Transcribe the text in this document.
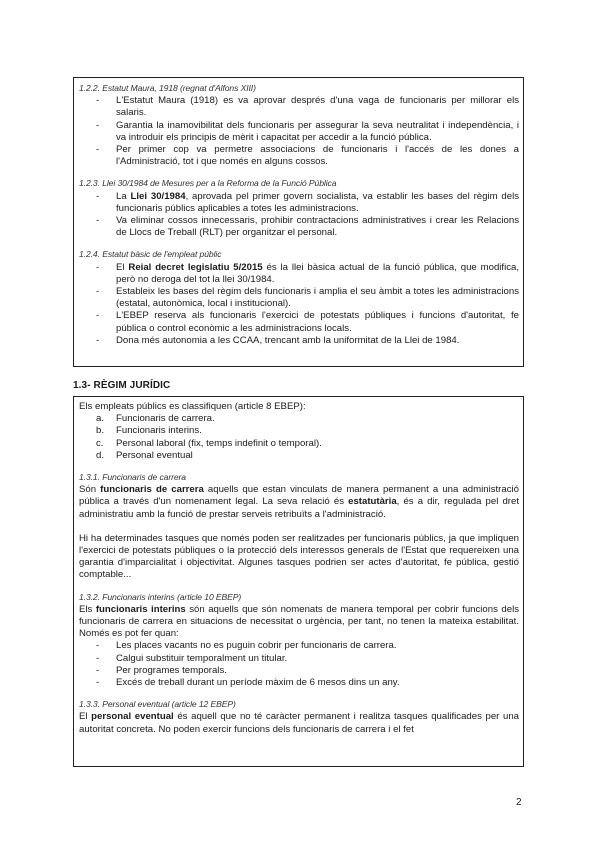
1.2.2. Estatut Maura, 1918 (regnat d'Alfons XIII)
- L'Estatut Maura (1918) es va aprovar després d'una vaga de funcionaris per millorar els salaris.
- Garantia la inamovibilitat dels funcionaris per assegurar la seva neutralitat i independència, i va introduir els principis de mèrit i capacitat per accedir a la funció pública.
- Per primer cop va permetre associacions de funcionaris i l'accés de les dones a l'Administració, tot i que només en alguns cossos.
1.2.3. Llei 30/1984 de Mesures per a la Reforma de la Funció Pública
- La Llei 30/1984, aprovada pel primer govern socialista, va establir les bases del règim dels funcionaris públics aplicables a totes les administracions.
- Va eliminar cossos innecessaris, prohibir contractacions administratives i crear les Relacions de Llocs de Treball (RLT) per organitzar el personal.
1.2.4. Estatut bàsic de l'empleat públic
- El Reial decret legislatiu 5/2015 és la llei bàsica actual de la funció pública, que modifica, però no deroga del tot la llei 30/1984.
- Estableix les bases del règim dels funcionaris i amplia el seu àmbit a totes les administracions (estatal, autonòmica, local i institucional).
- L'EBEP reserva als funcionaris l'exercici de potestats públiques i funcions d'autoritat, fe pública o control econòmic a les administracions locals.
- Dona més autonomia a les CCAA, trencant amb la uniformitat de la Llei de 1984.
1.3- RÈGIM JURÍDIC

Els empleats públics es classifiquen (article 8 EBEP):

a. Funcionaris de carrera.
b. Funcionaris interins.
c. Personal laboral (fix, temps indefinit o temporal).
d. Personal eventual
1.3.1. Funcionaris de carrera

Són funcionaris de carrera aquells que estan vinculats de manera permanent a una administració pública a través d'un nomenament legal. La seva relació és estatutària, és a dir, regulada pel dret administratiu amb la funció de prestar serveis retribuïts a l'administració.

Hi ha determinades tasques que només poden ser realitzades per funcionaris públics, ja que impliquen l'exercici de potestats públiques o la protecció dels interessos generals de l'Estat que requereixen una garantia d'imparcialitat i objectivitat. Algunes tasques podrien ser actes d'autoritat, fe pública, gestió comptable...

1.3.2. Funcionaris interins (article 10 EBEP)

Els funcionaris interins són aquells que són nomenats de manera temporal per cobrir funcions dels funcionaris de carrera en situacions de necessitat o urgència, per tant, no tenen la mateixa estabilitat. Només es pot fer quan:

- Les places vacants no es puguin cobrir per funcionaris de carrera.
- Calgui substituir temporalment un titular.
- Per programes temporals.
- Excés de treball durant un període màxim de 6 mesos dins un any.
1.3.3. Personal eventual (article 12 EBEP)

El personal eventual és aquell que no té caràcter permanent i realitza tasques qualificades per una autoritat concreta. No poden exercir funcions dels funcionaris de carrera i el fet

2
